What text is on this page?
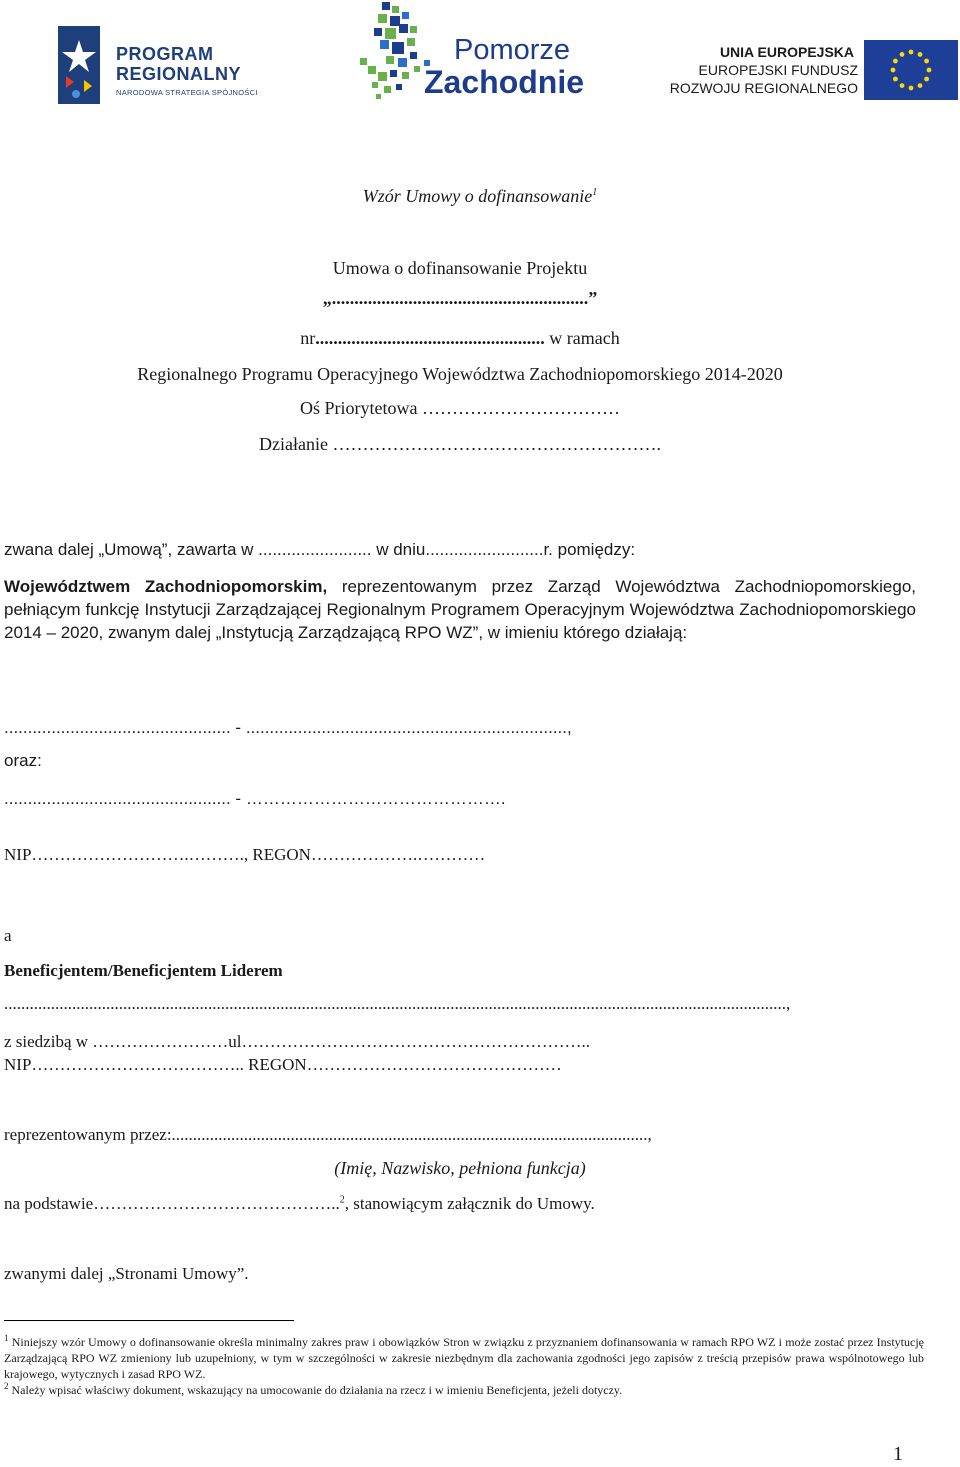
PROGRAM
REGIONALNY
NARODOWA STRATEGIA SPÓJNOŚCI
Pomorze
Zachodnie
UNIA EUROPEJSKA
EUROPEJSKI FUNDUSZ
ROZWOJU REGIONALNEGO
Wzór Umowy o dofinansowanie$^1$
Umowa o dofinansowanie Projektu
„.........................................................”
nr................................................... w ramach
Regionalnego Programu Operacyjnego Województwa Zachodniopomorskiego 2014-2020
Oś Priorytetowa ……………………………
Działanie ……………………………………………….
zwana dalej „Umową”, zawarta w ........................ w dniu.........................r. pomiędzy:
Województwem Zachodniopomorskim, reprezentowanym przez Zarząd Województwa Zachodniopomorskiego, pełniącym funkcję Instytucji Zarządzającej Regionalnym Programem Operacyjnym Województwa Zachodniopomorskiego 2014 – 2020, zwanym dalej „Instytucją Zarządzającą RPO WZ”, w imieniu którego działają:
................................................ - ....................................................................,
oraz:
................................................ - ……………………………………….
NIP……………………….………., REGON……………….…………
a
Beneficjentem/Beneficjentem Liderem
........................................................................................................................................................................................,
z siedzibą w ……………………ul……………………………………………………..
NIP……………………………….. REGON………………………………………
reprezentowanym przez:................................................................................................................,
(Imię, Nazwisko, pełniona funkcja)
na podstawie……………………………………..$^2$, stanowiącym załącznik do Umowy.
zwanymi dalej „Stronami Umowy”.
$^1$ Niniejszy wzór Umowy o dofinansowanie określa minimalny zakres praw i obowiązków Stron w związku z przyznaniem dofinansowania w ramach RPO WZ i może zostać przez Instytucję Zarządzającą RPO WZ zmieniony lub uzupełniony, w tym w szczególności w zakresie niezbędnym dla zachowania zgodności jego zapisów z treścią przepisów prawa wspólnotowego lub krajowego, wytycznych i zasad RPO WZ.
$^2$ Należy wpisać właściwy dokument, wskazujący na umocowanie do działania na rzecz i w imieniu Beneficjenta, jeżeli dotyczy.
1
